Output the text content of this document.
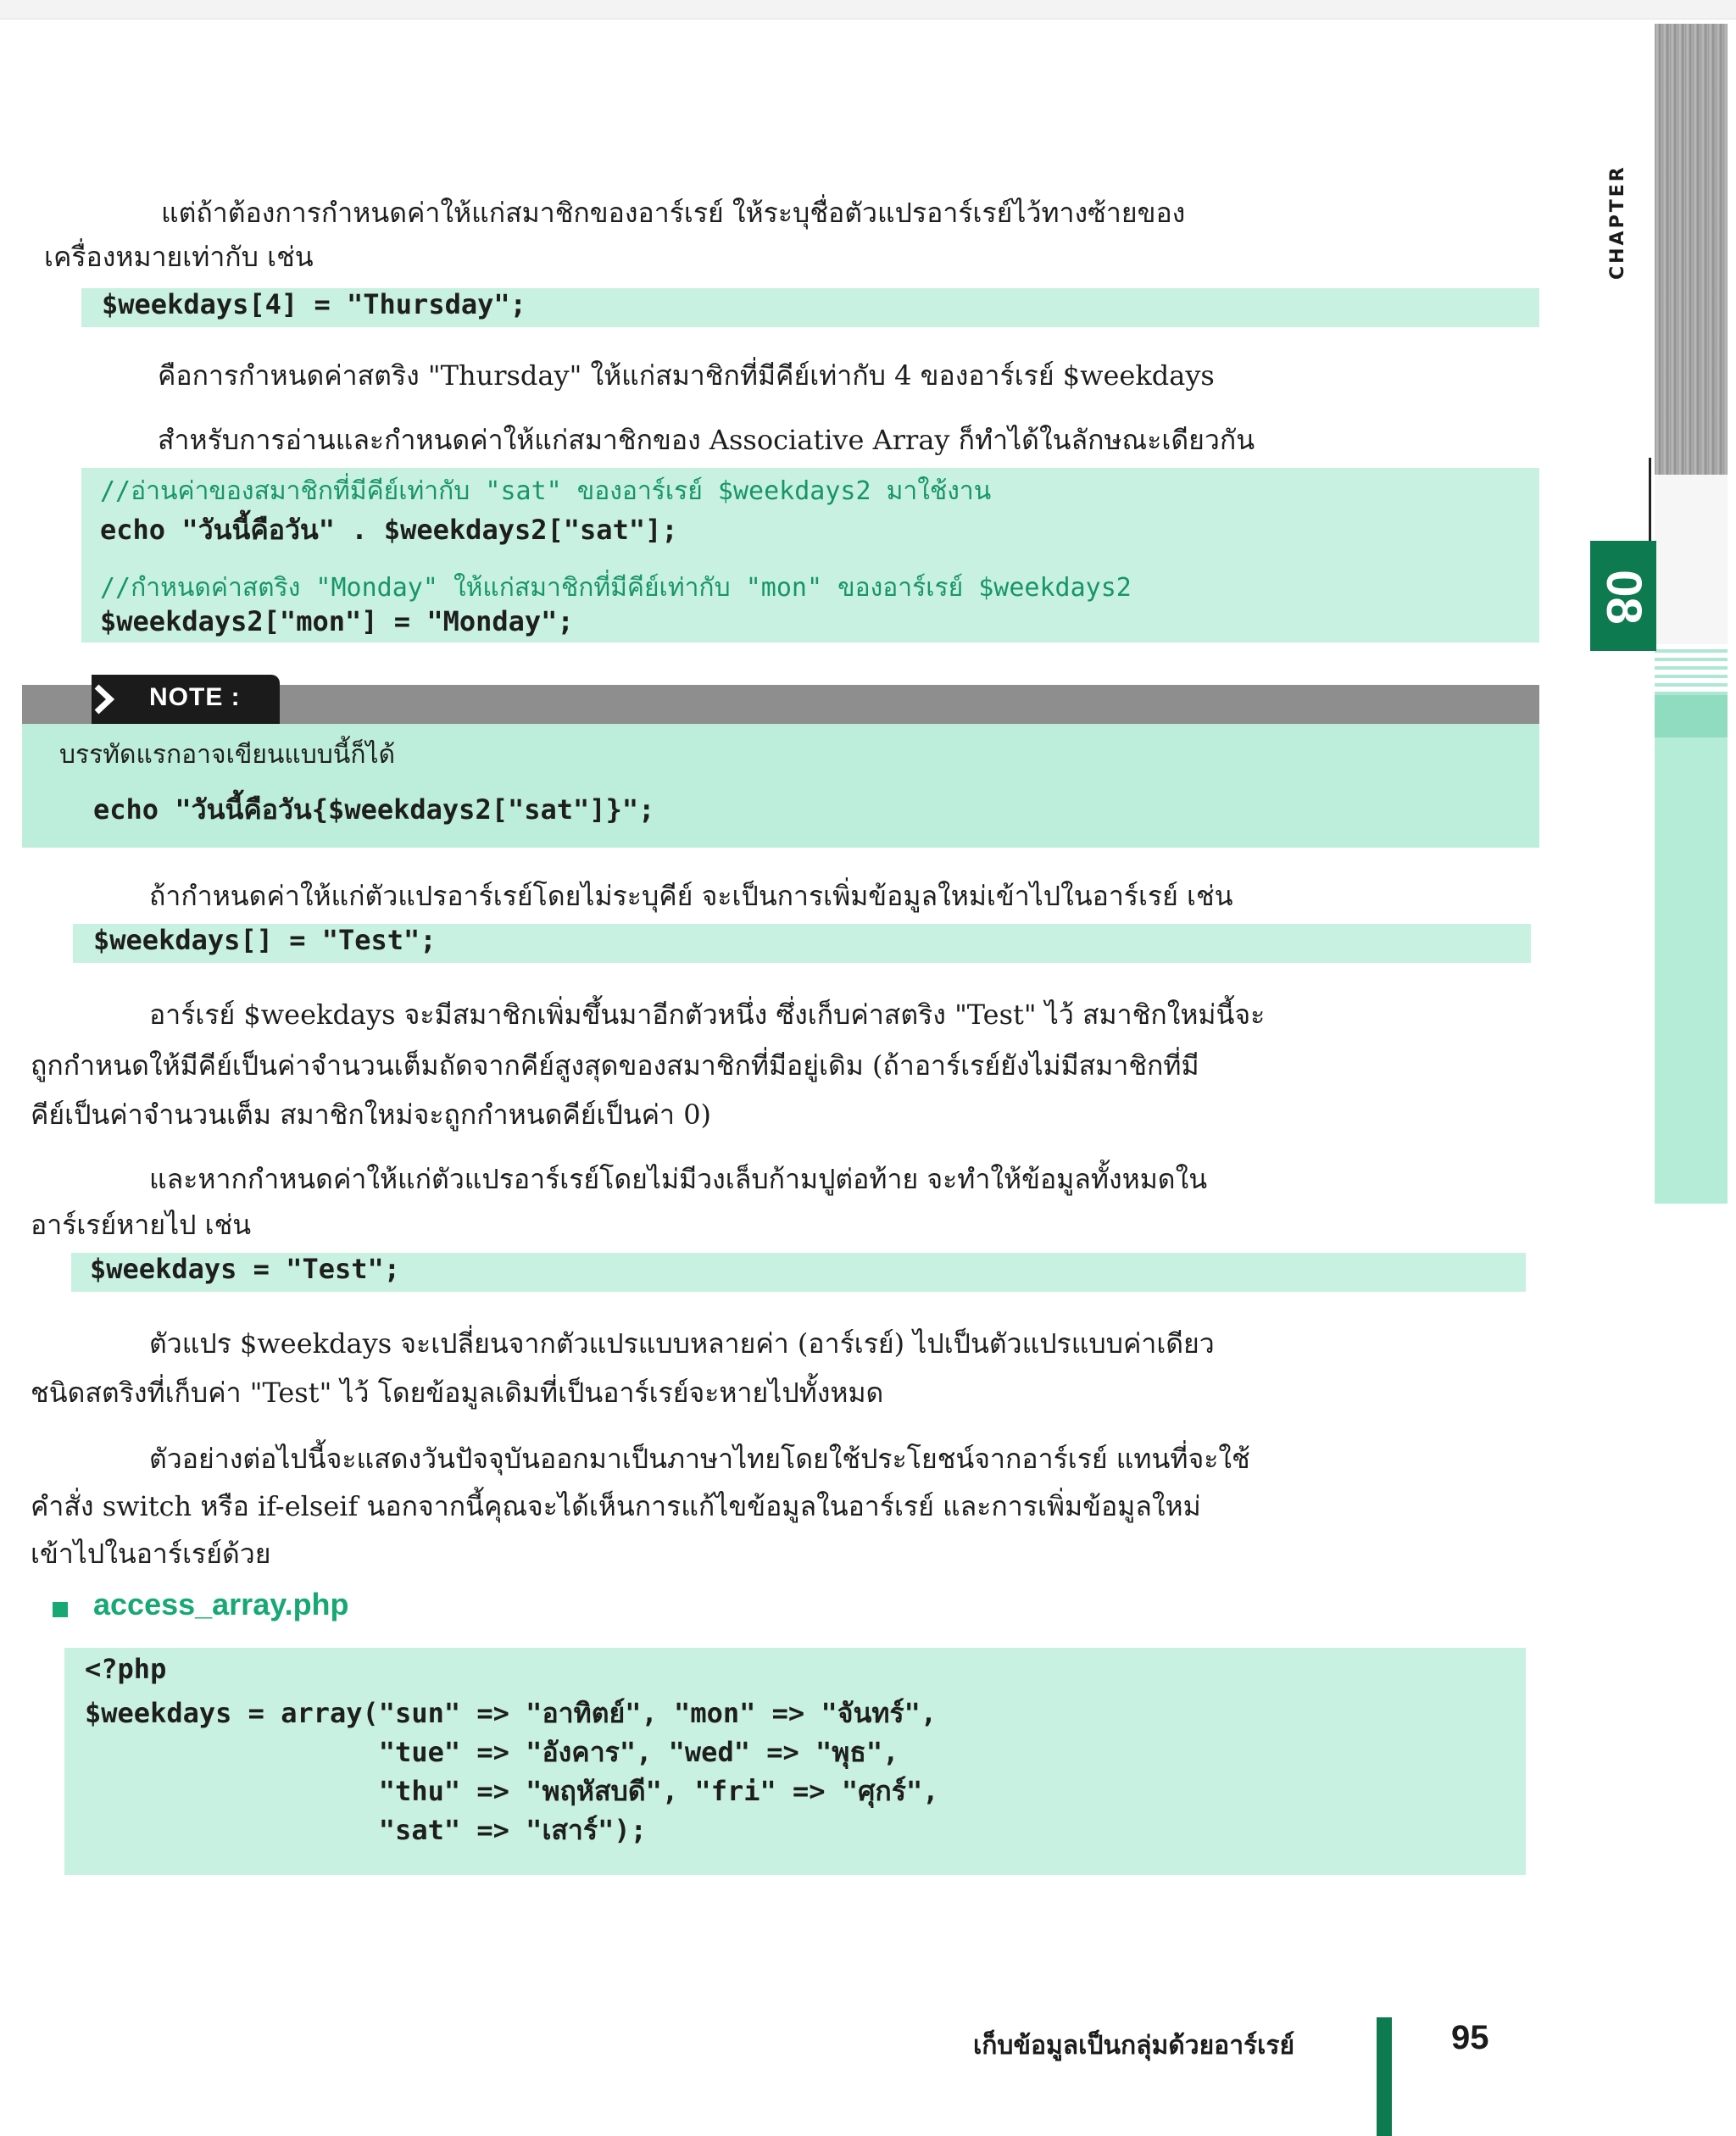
CHAPTER
08
แต่ถ้าต้องการกำหนดค่าให้แก่สมาชิกของอาร์เรย์ ให้ระบุชื่อตัวแปรอาร์เรย์ไว้ทางซ้ายของ
เครื่องหมายเท่ากับ เช่น
$weekdays[4] = "Thursday";
คือการกำหนดค่าสตริง "Thursday" ให้แก่สมาชิกที่มีคีย์เท่ากับ 4 ของอาร์เรย์ $weekdays
สำหรับการอ่านและกำหนดค่าให้แก่สมาชิกของ Associative Array ก็ทำได้ในลักษณะเดียวกัน
//อ่านค่าของสมาชิกที่มีคีย์เท่ากับ "sat" ของอาร์เรย์ $weekdays2 มาใช้งาน
echo "วันนี้คือวัน" . $weekdays2["sat"];
//กำหนดค่าสตริง "Monday" ให้แก่สมาชิกที่มีคีย์เท่ากับ "mon" ของอาร์เรย์ $weekdays2
$weekdays2["mon"] = "Monday";
NOTE :
บรรทัดแรกอาจเขียนแบบนี้ก็ได้
echo "วันนี้คือวัน{$weekdays2["sat"]}";
ถ้ากำหนดค่าให้แก่ตัวแปรอาร์เรย์โดยไม่ระบุคีย์ จะเป็นการเพิ่มข้อมูลใหม่เข้าไปในอาร์เรย์ เช่น
$weekdays[] = "Test";
อาร์เรย์ $weekdays จะมีสมาชิกเพิ่มขึ้นมาอีกตัวหนึ่ง ซึ่งเก็บค่าสตริง "Test" ไว้ สมาชิกใหม่นี้จะ
ถูกกำหนดให้มีคีย์เป็นค่าจำนวนเต็มถัดจากคีย์สูงสุดของสมาชิกที่มีอยู่เดิม (ถ้าอาร์เรย์ยังไม่มีสมาชิกที่มี
คีย์เป็นค่าจำนวนเต็ม สมาชิกใหม่จะถูกกำหนดคีย์เป็นค่า 0)
และหากกำหนดค่าให้แก่ตัวแปรอาร์เรย์โดยไม่มีวงเล็บก้ามปูต่อท้าย จะทำให้ข้อมูลทั้งหมดใน
อาร์เรย์หายไป เช่น
$weekdays = "Test";
ตัวแปร $weekdays จะเปลี่ยนจากตัวแปรแบบหลายค่า (อาร์เรย์) ไปเป็นตัวแปรแบบค่าเดียว
ชนิดสตริงที่เก็บค่า "Test" ไว้ โดยข้อมูลเดิมที่เป็นอาร์เรย์จะหายไปทั้งหมด
ตัวอย่างต่อไปนี้จะแสดงวันปัจจุบันออกมาเป็นภาษาไทยโดยใช้ประโยชน์จากอาร์เรย์ แทนที่จะใช้
คำสั่ง switch หรือ if-elseif นอกจากนี้คุณจะได้เห็นการแก้ไขข้อมูลในอาร์เรย์ และการเพิ่มข้อมูลใหม่
เข้าไปในอาร์เรย์ด้วย
access_array.php
<?php
$weekdays = array("sun" => "อาทิตย์", "mon" => "จันทร์",
"tue" => "อังคาร", "wed" => "พุธ",
"thu" => "พฤหัสบดี", "fri" => "ศุกร์",
"sat" => "เสาร์");
เก็บข้อมูลเป็นกลุ่มด้วยอาร์เรย์	95
